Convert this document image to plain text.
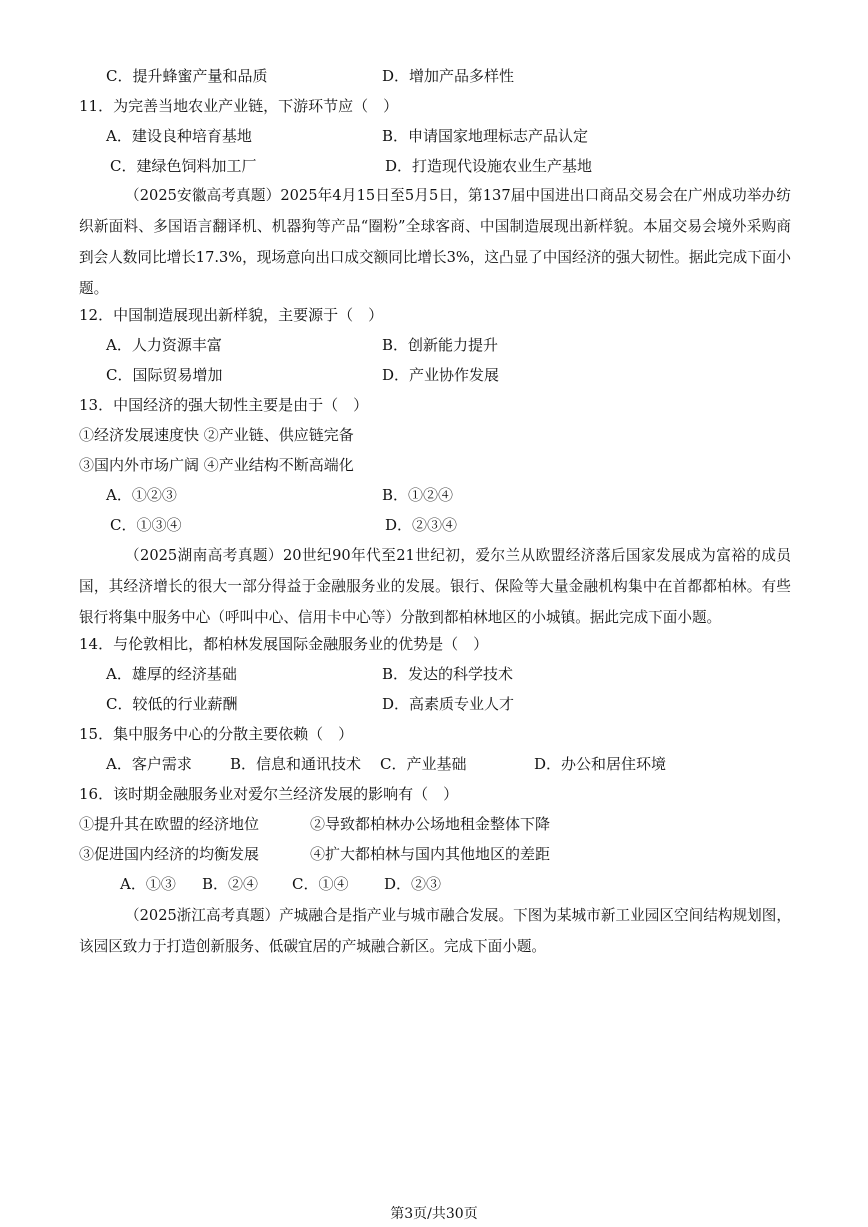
C．提升蜂蜜产量和品质	D．增加产品多样性
11．为完善当地农业产业链，下游环节应（　）
A．建设良种培育基地	B．申请国家地理标志产品认定
C．建绿色饲料加工厂	D．打造现代设施农业生产基地
（2025安徽高考真题）2025年4月15日至5月5日，第137届中国进出口商品交易会在广州成功举办纺织新面料、多国语言翻译机、机器狗等产品“圈粉”全球客商、中国制造展现出新样貌。本届交易会境外采购商到会人数同比增长17.3%，现场意向出口成交额同比增长3%，这凸显了中国经济的强大韧性。据此完成下面小题。
12．中国制造展现出新样貌，主要源于（　）
A．人力资源丰富	B．创新能力提升
C．国际贸易增加	D．产业协作发展
13．中国经济的强大韧性主要是由于（　）
①经济发展速度快 ②产业链、供应链完备
③国内外市场广阔 ④产业结构不断高端化
A．①②③	B．①②④
C．①③④	D．②③④
（2025湖南高考真题）20世纪90年代至21世纪初，爱尔兰从欧盟经济落后国家发展成为富裕的成员国，其经济增长的很大一部分得益于金融服务业的发展。银行、保险等大量金融机构集中在首都都柏林。有些银行将集中服务中心（呼叫中心、信用卡中心等）分散到都柏林地区的小城镇。据此完成下面小题。
14．与伦敦相比，都柏林发展国际金融服务业的优势是（　）
A．雄厚的经济基础	B．发达的科学技术
C．较低的行业薪酬	D．高素质专业人才
15．集中服务中心的分散主要依赖（　）
A．客户需求	B．信息和通讯技术 C．产业基础	D．办公和居住环境
16．该时期金融服务业对爱尔兰经济发展的影响有（　）
①提升其在欧盟的经济地位	②导致都柏林办公场地租金整体下降
③促进国内经济的均衡发展	④扩大都柏林与国内其他地区的差距
A．①③ B．②④ C．①④ D．②③
（2025浙江高考真题）产城融合是指产业与城市融合发展。下图为某城市新工业园区空间结构规划图，该园区致力于打造创新服务、低碳宜居的产城融合新区。完成下面小题。
第3页/共30页
